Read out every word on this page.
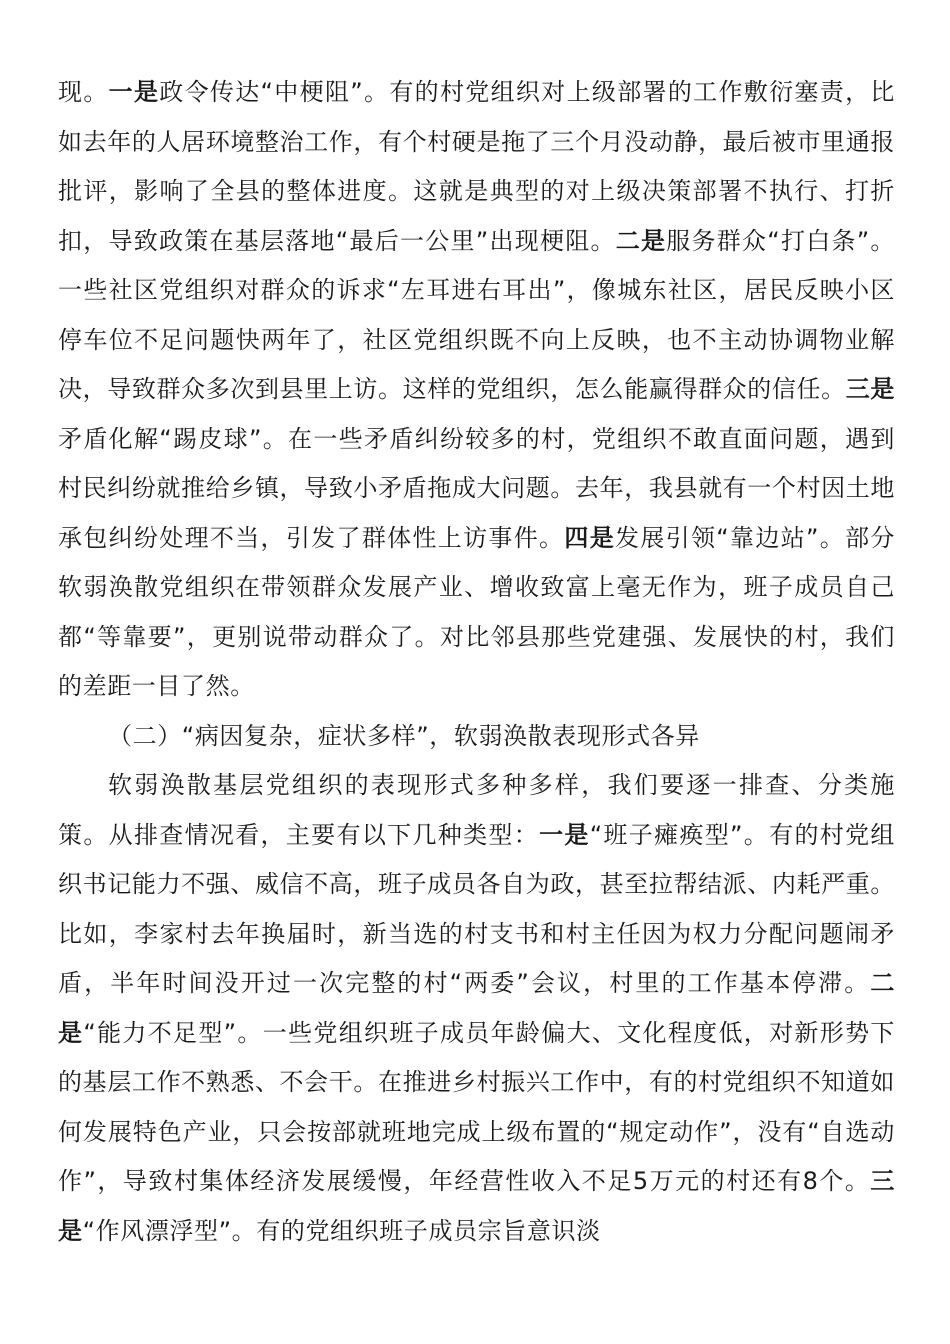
现。一是政令传达“中梗阻”。有的村党组织对上级部署的工作敷衍塞责，比如去年的人居环境整治工作，有个村硬是拖了三个月没动静，最后被市里通报批评，影响了全县的整体进度。这就是典型的对上级决策部署不执行、打折扣，导致政策在基层落地“最后一公里”出现梗阻。二是服务群众“打白条”。一些社区党组织对群众的诉求“左耳进右耳出”，像城东社区，居民反映小区停车位不足问题快两年了，社区党组织既不向上反映，也不主动协调物业解决，导致群众多次到县里上访。这样的党组织，怎么能赢得群众的信任。三是矛盾化解“踢皮球”。在一些矛盾纠纷较多的村，党组织不敢直面问题，遇到村民纠纷就推给乡镇，导致小矛盾拖成大问题。去年，我县就有一个村因土地承包纠纷处理不当，引发了群体性上访事件。四是发展引领“靠边站”。部分软弱涣散党组织在带领群众发展产业、增收致富上毫无作为，班子成员自己都“等靠要”，更别说带动群众了。对比邻县那些党建强、发展快的村，我们的差距一目了然。

（二）“病因复杂，症状多样”，软弱涣散表现形式各异

软弱涣散基层党组织的表现形式多种多样，我们要逐一排查、分类施策。从排查情况看，主要有以下几种类型：一是“班子瘫痪型”。有的村党组织书记能力不强、威信不高，班子成员各自为政，甚至拉帮结派、内耗严重。比如，李家村去年换届时，新当选的村支书和村主任因为权力分配问题闹矛盾，半年时间没开过一次完整的村“两委”会议，村里的工作基本停滞。二是“能力不足型”。一些党组织班子成员年龄偏大、文化程度低，对新形势下的基层工作不熟悉、不会干。在推进乡村振兴工作中，有的村党组织不知道如何发展特色产业，只会按部就班地完成上级布置的“规定动作”，没有“自选动作”，导致村集体经济发展缓慢，年经营性收入不足5万元的村还有8个。三是“作风漂浮型”。有的党组织班子成员宗旨意识淡
